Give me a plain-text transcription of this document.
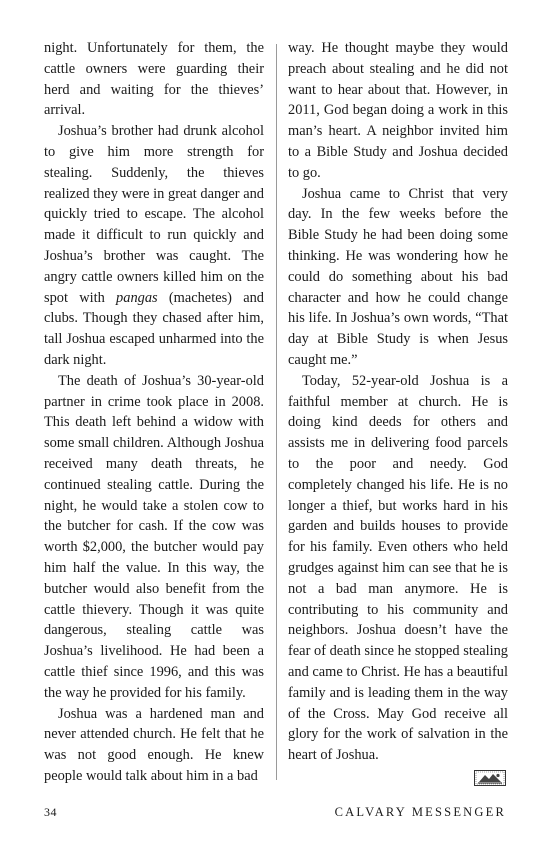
night. Unfortunately for them, the cattle owners were guarding their herd and waiting for the thieves’ arrival.

Joshua’s brother had drunk alcohol to give him more strength for stealing. Suddenly, the thieves realized they were in great danger and quickly tried to escape. The alcohol made it difficult to run quickly and Joshua’s brother was caught. The angry cattle owners killed him on the spot with pangas (machetes) and clubs. Though they chased after him, tall Joshua escaped unharmed into the dark night.

The death of Joshua’s 30-year-old partner in crime took place in 2008. This death left behind a widow with some small children. Although Joshua received many death threats, he continued stealing cattle. During the night, he would take a stolen cow to the butcher for cash. If the cow was worth $2,000, the butcher would pay him half the value. In this way, the butcher would also benefit from the cattle thievery. Though it was quite dangerous, stealing cattle was Joshua’s livelihood. He had been a cattle thief since 1996, and this was the way he provided for his family.

Joshua was a hardened man and never attended church. He felt that he was not good enough. He knew people would talk about him in a bad

way. He thought maybe they would preach about stealing and he did not want to hear about that. However, in 2011, God began doing a work in this man’s heart. A neighbor invited him to a Bible Study and Joshua decided to go.

Joshua came to Christ that very day. In the few weeks before the Bible Study he had been doing some thinking. He was wondering how he could do something about his bad character and how he could change his life. In Joshua’s own words, “That day at Bible Study is when Jesus caught me.”

Today, 52-year-old Joshua is a faithful member at church. He is doing kind deeds for others and assists me in delivering food parcels to the poor and needy. God completely changed his life. He is no longer a thief, but works hard in his garden and builds houses to provide for his family. Even others who held grudges against him can see that he is not a bad man anymore. He is contributing to his community and neighbors. Joshua doesn’t have the fear of death since he stopped stealing and came to Christ. He has a beautiful family and is leading them in the way of the Cross. May God receive all glory for the work of salvation in the heart of Joshua.

34	CALVARY MESSENGER
